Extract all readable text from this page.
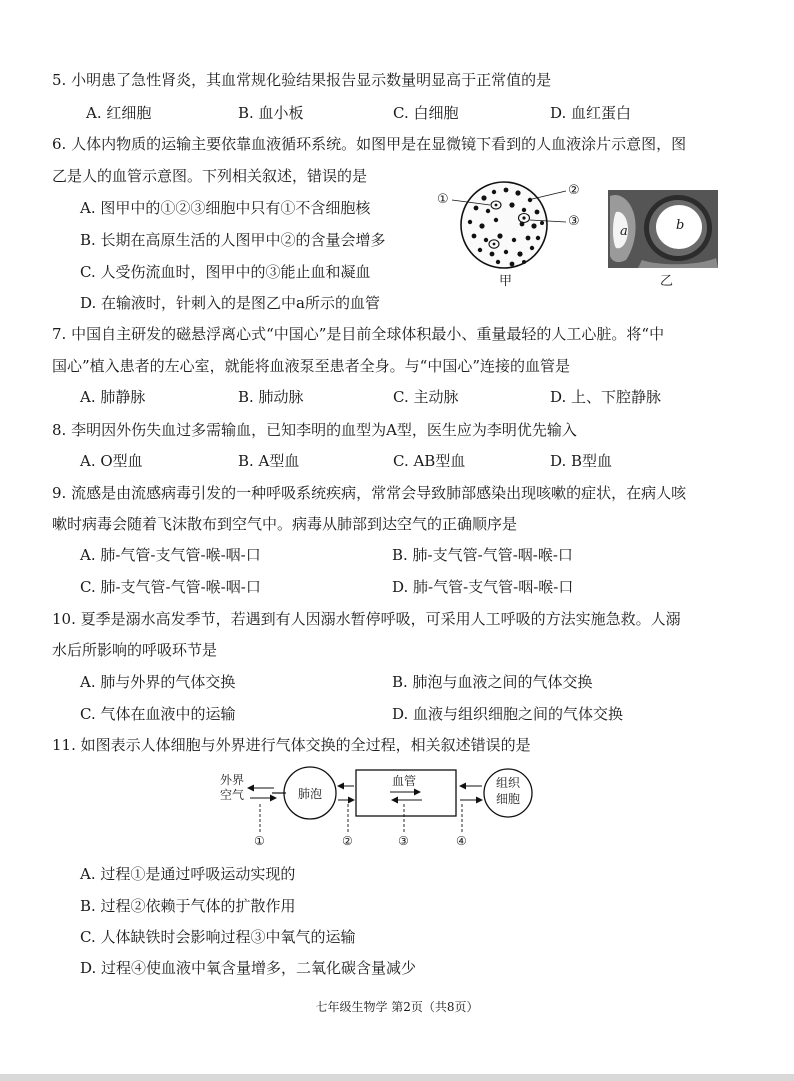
5. 小明患了急性肾炎，其血常规化验结果报告显示数量明显高于正常值的是
A. 红细胞	B. 血小板	C. 白细胞	D. 血红蛋白
6. 人体内物质的运输主要依靠血液循环系统。如图甲是在显微镜下看到的人血液涂片示意图，图
乙是人的血管示意图。下列相关叙述，错误的是
A. 图甲中的①②③细胞中只有①不含细胞核
B. 长期在高原生活的人图甲中②的含量会增多
C. 人受伤流血时，图甲中的③能止血和凝血
D. 在输液时，针刺入的是图乙中a所示的血管
①
②
③
甲
a	b
乙
7. 中国自主研发的磁悬浮离心式“中国心”是目前全球体积最小、重量最轻的人工心脏。将“中
国心”植入患者的左心室，就能将血液泵至患者全身。与“中国心”连接的血管是
A. 肺静脉	B. 肺动脉	C. 主动脉	D. 上、下腔静脉
8. 李明因外伤失血过多需输血，已知李明的血型为A型，医生应为李明优先输入
A. O型血	B. A型血	C. AB型血	D. B型血
9. 流感是由流感病毒引发的一种呼吸系统疾病，常常会导致肺部感染出现咳嗽的症状，在病人咳
嗽时病毒会随着飞沫散布到空气中。病毒从肺部到达空气的正确顺序是
A. 肺-气管-支气管-喉-咽-口	B. 肺-支气管-气管-咽-喉-口
C. 肺-支气管-气管-喉-咽-口	D. 肺-气管-支气管-咽-喉-口
10. 夏季是溺水高发季节，若遇到有人因溺水暂停呼吸，可采用人工呼吸的方法实施急救。人溺
水后所影响的呼吸环节是
A. 肺与外界的气体交换	B. 肺泡与血液之间的气体交换
C. 气体在血液中的运输	D. 血液与组织细胞之间的气体交换
11. 如图表示人体细胞与外界进行气体交换的全过程，相关叙述错误的是
外界
空气	肺泡
血管	组织
细胞
①	②	③	④
A. 过程①是通过呼吸运动实现的
B. 过程②依赖于气体的扩散作用
C. 人体缺铁时会影响过程③中氧气的运输
D. 过程④使血液中氧含量增多，二氧化碳含量减少
七年级生物学 第2页（共8页）
